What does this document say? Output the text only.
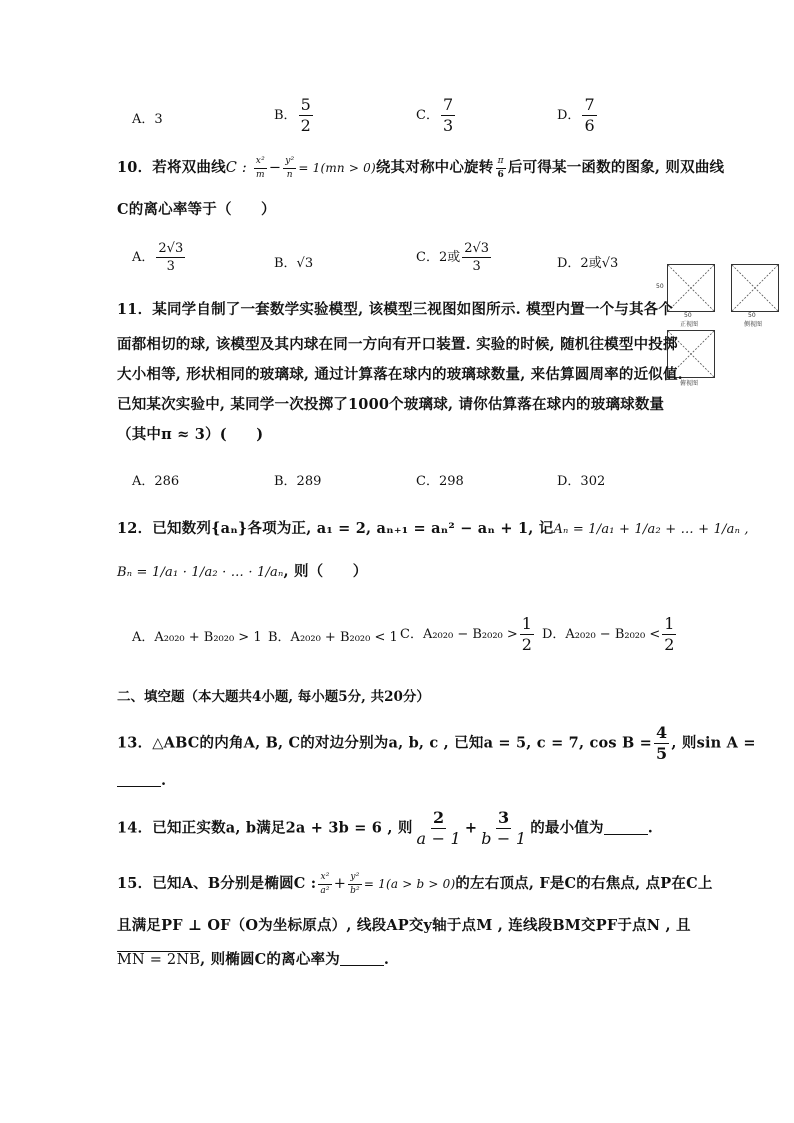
A．3	B． $\frac{5}{2}$	C． $\frac{7}{3}$	D． $\frac{7}{6}$
10．若将双曲线C : $\frac{\text{x²}}{m} - \frac{\text{y²}}{n} = 1(mn > 0)$绕其对称中心旋转 $\frac{\pi}{6}$ 后可得某一函数的图象, 则双曲线
C的离心率等于（　　）
A． $\frac{2√3}{3}$	B．√3	C．2或 $\frac{2√3}{3}$	D．2或√3
50
50
正视图
50
侧视图
俯视图
11．某同学自制了一套数学实验模型, 该模型三视图如图所示. 模型内置一个与其各个
面都相切的球, 该模型及其内球在同一方向有开口装置. 实验的时候, 随机往模型中投掷
大小相等, 形状相同的玻璃球, 通过计算落在球内的玻璃球数量, 来估算圆周率的近似值.
已知某次实验中, 某同学一次投掷了1000个玻璃球, 请你估算落在球内的玻璃球数量
（其中π ≈ 3）(　　)
A．286	B．289	C．298	D．302
12．已知数列{aₙ}各项为正, a₁ = 2, aₙ₊₁ = aₙ² − aₙ + 1, 记Aₙ = 1/a₁ + 1/a₂ + … + 1/aₙ ,
Bₙ = 1/a₁ · 1/a₂ · … · 1/aₙ, 则（　　）
A．A₂₀₂₀ + B₂₀₂₀ > 1 B．A₂₀₂₀ + B₂₀₂₀ < 1 C．$A_{2020} - B_{2020} > \frac{1}{2}$ D．$A_{2020} - B_{2020} < \frac{1}{2}$
二、填空题（本大题共4小题, 每小题5分, 共20分）
13．△ABC的内角A, B, C的对边分别为a, b, c , 已知a = 5, c = 7, $\cos B = \frac{4}{5}$ , 则sin A =
.
14．已知正实数a, b满足2a + 3b = 6 , 则 $\frac{2}{a - 1} + \frac{3}{b - 1}$ 的最小值为	.
15．已知A、B分别是椭圆C : $\frac{\text{x²}}{\text{a²}} + \frac{\text{y²}}{\text{b²}} = 1(a > b > 0)$的左右顶点, F是C的右焦点, 点P在C上
且满足PF ⊥ OF（O为坐标原点）, 线段AP交y轴于点M , 连线段BM交PF于点N , 且
MN = 2NB, 则椭圆C的离心率为	.
